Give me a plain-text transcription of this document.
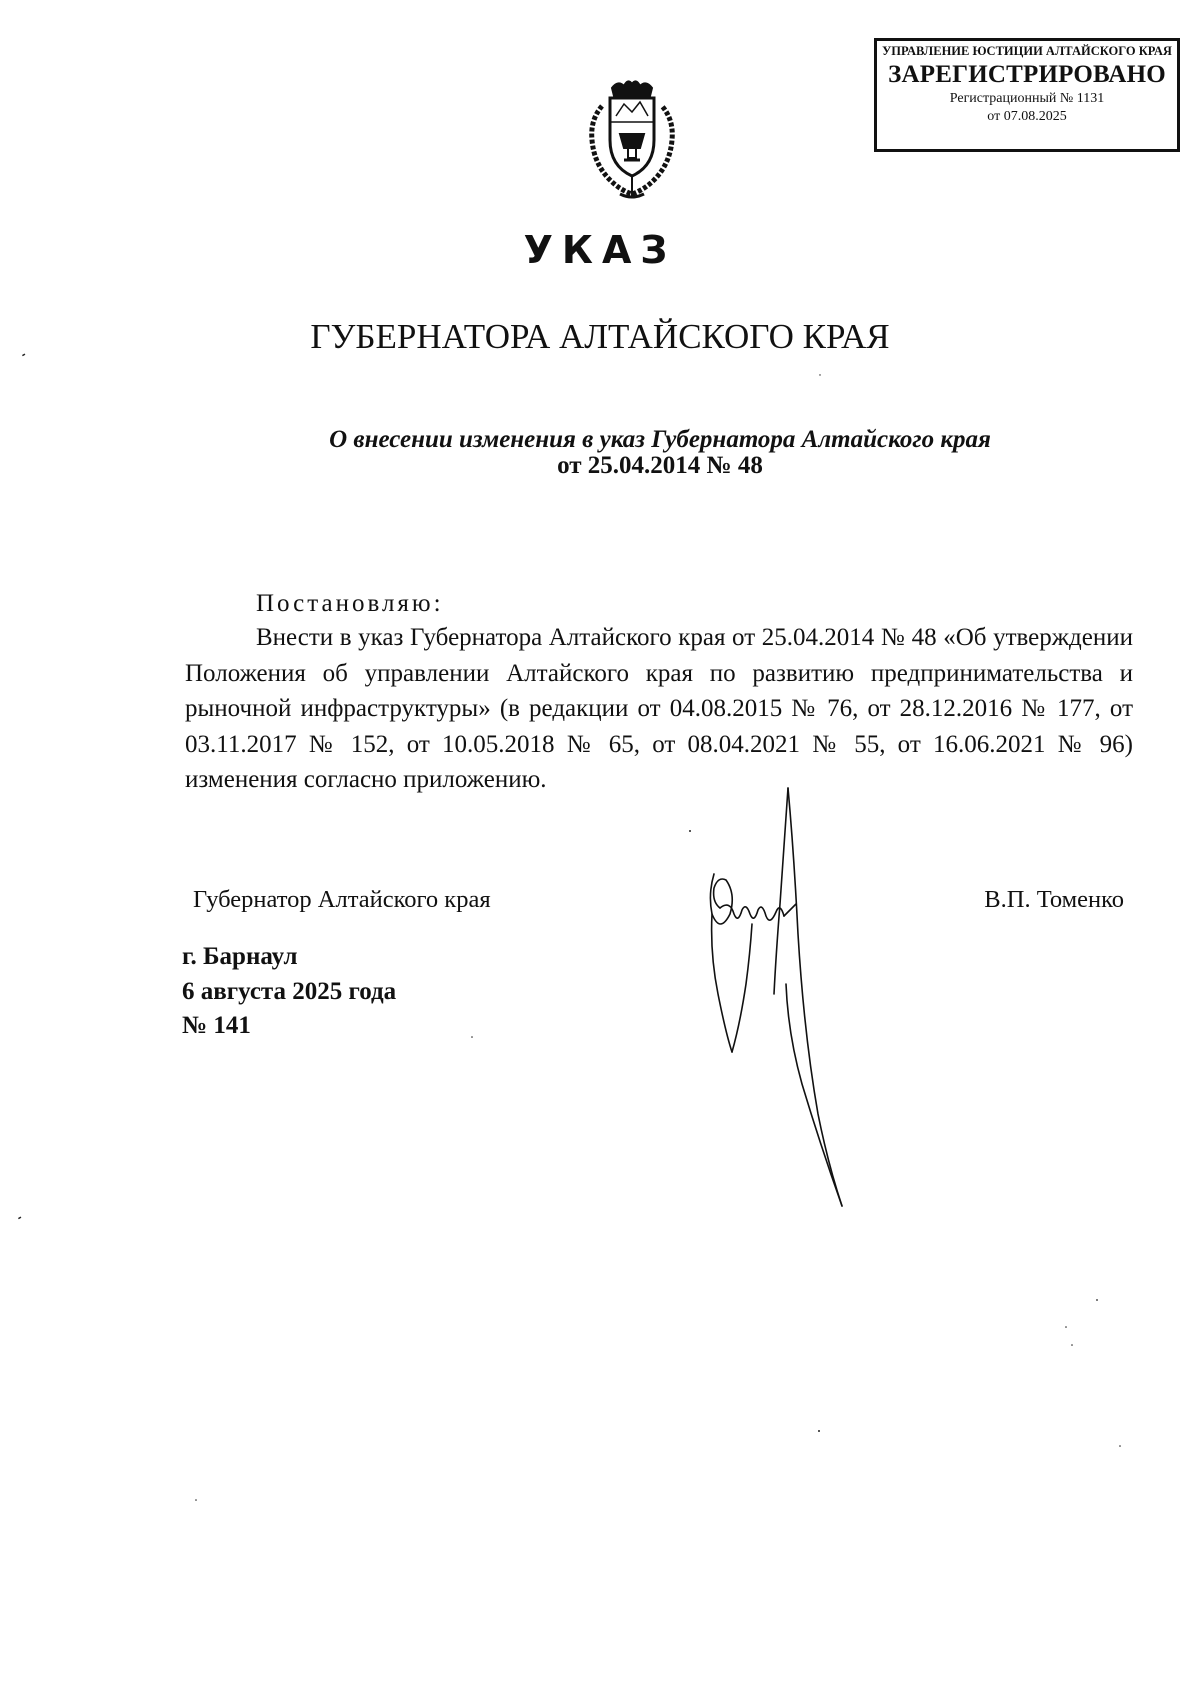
УПРАВЛЕНИЕ ЮСТИЦИИ АЛТАЙСКОГО КРАЯ
ЗАРЕГИСТРИРОВАНО
Регистрационный № 1131
от 07.08.2025
УКАЗ
ГУБЕРНАТОРА АЛТАЙСКОГО КРАЯ
О внесении изменения в указ Губернатора Алтайского края
от 25.04.2014 № 48
Постановляю:
Внести в указ Губернатора Алтайского края от 25.04.2014 № 48 «Об утверждении Положения об управлении Алтайского края по развитию предпринимательства и рыночной инфраструктуры» (в редакции от 04.08.2015 № 76, от 28.12.2016 № 177, от 03.11.2017 № 152, от 10.05.2018 № 65, от 08.04.2021 № 55, от 16.06.2021 № 96) изменения согласно приложению.
Губернатор Алтайского края	В.П. Томенко
г. Барнаул
6 августа 2025 года
№ 141
